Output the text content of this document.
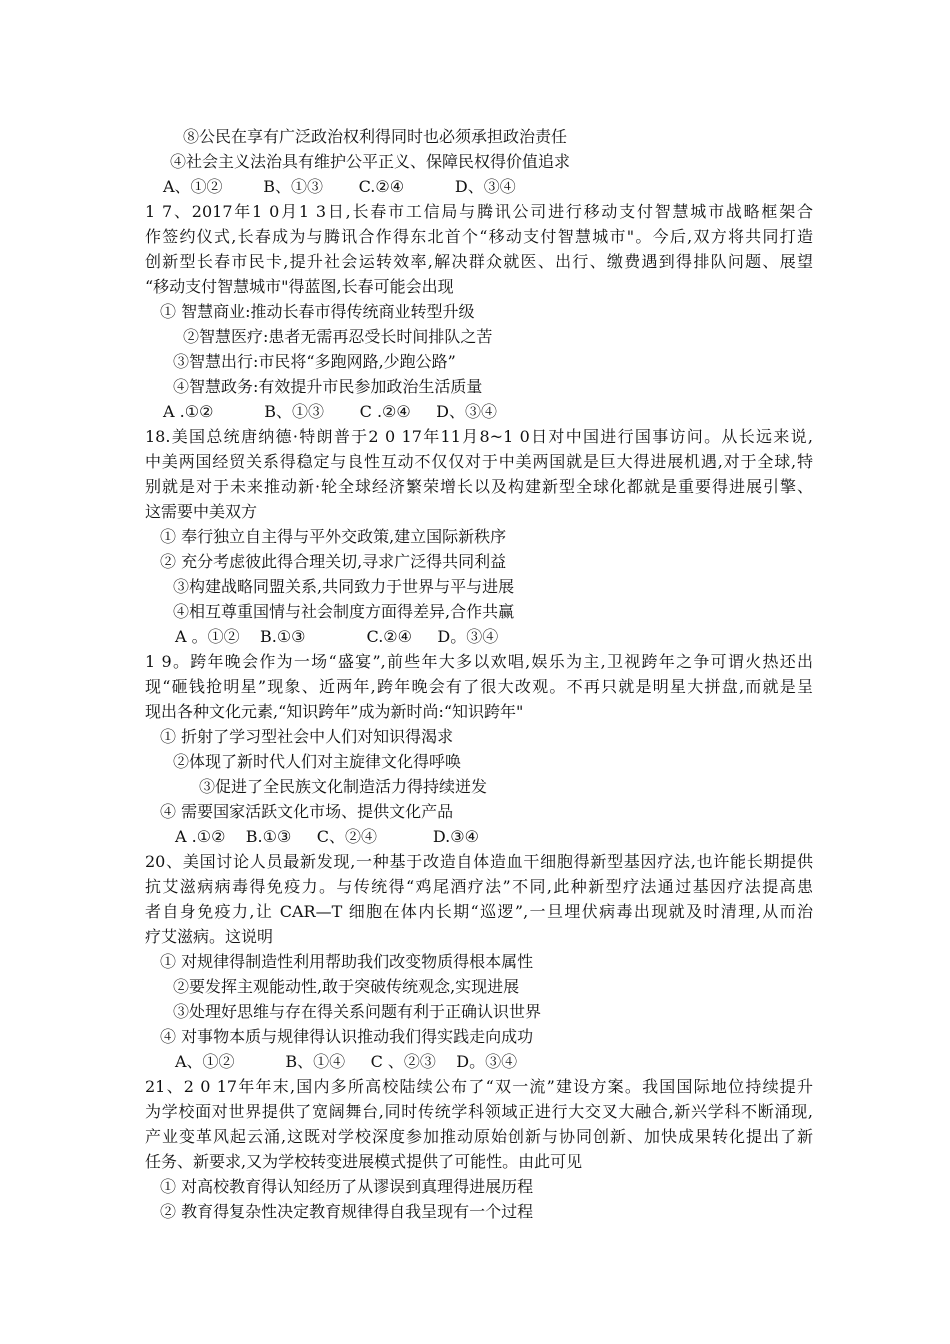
⑧公民在享有广泛政治权利得同时也必须承担政治责任
④社会主义法治具有维护公平正义、保障民权得价值追求
A、①②        B、①③       C.②④          D、③④
1 7、2017年1 0月1 3日,长春市工信局与腾讯公司进行移动支付智慧城市战略框架合
作签约仪式,长春成为与腾讯合作得东北首个“移动支付智慧城市"。今后,双方将共同打造
创新型长春市民卡,提升社会运转效率,解决群众就医、出行、缴费遇到得排队问题、展望
“移动支付智慧城市"得蓝图,长春可能会出现
① 智慧商业:推动长春市得传统商业转型升级
②智慧医疗:患者无需再忍受长时间排队之苦
③智慧出行:市民将“多跑网路,少跑公路”
④智慧政务:有效提升市民参加政治生活质量
A .①②          B、①③       C .②④     D、③④
18.美国总统唐纳德·特朗普于2 0 17年11月8~1 0日对中国进行国事访问。从长远来说,
中美两国经贸关系得稳定与良性互动不仅仅对于中美两国就是巨大得进展机遇,对于全球,特
别就是对于未来推动新·轮全球经济繁荣增长以及构建新型全球化都就是重要得进展引擎、
这需要中美双方
① 奉行独立自主得与平外交政策,建立国际新秩序
② 充分考虑彼此得合理关切,寻求广泛得共同利益
③构建战略同盟关系,共同致力于世界与平与进展
④相互尊重国情与社会制度方面得差异,合作共赢
A 。①②    B.①③            C.②④     D。③④
1 9。跨年晚会作为一场“盛宴”,前些年大多以欢唱,娱乐为主,卫视跨年之争可谓火热还出
现“砸钱抢明星”现象、近两年,跨年晚会有了很大改观。不再只就是明星大拼盘,而就是呈
现出各种文化元素,“知识跨年”成为新时尚:“知识跨年"
① 折射了学习型社会中人们对知识得渴求
②体现了新时代人们对主旋律文化得呼唤
③促进了全民族文化制造活力得持续迸发
④ 需要国家活跃文化市场、提供文化产品
A .①②    B.①③     C、②④           D.③④
20、美国讨论人员最新发现,一种基于改造自体造血干细胞得新型基因疗法,也许能长期提供
抗艾滋病病毒得免疫力。与传统得“鸡尾酒疗法”不同,此种新型疗法通过基因疗法提高患
者自身免疫力,让 CAR—T 细胞在体内长期“巡逻”,一旦埋伏病毒出现就及时清理,从而治
疗艾滋病。这说明
① 对规律得制造性利用帮助我们改变物质得根本属性
②要发挥主观能动性,敢于突破传统观念,实现进展
③处理好思维与存在得关系问题有利于正确认识世界
④ 对事物本质与规律得认识推动我们得实践走向成功
A、①②          B、①④     C 、②③    D。③④
21、2 0 17年年末,国内多所高校陆续公布了“双一流”建设方案。我国国际地位持续提升
为学校面对世界提供了宽阔舞台,同时传统学科领域正进行大交叉大融合,新兴学科不断涌现,
产业变革风起云涌,这既对学校深度参加推动原始创新与协同创新、加快成果转化提出了新
任务、新要求,又为学校转变进展模式提供了可能性。由此可见
① 对高校教育得认知经历了从谬误到真理得进展历程
② 教育得复杂性决定教育规律得自我呈现有一个过程
